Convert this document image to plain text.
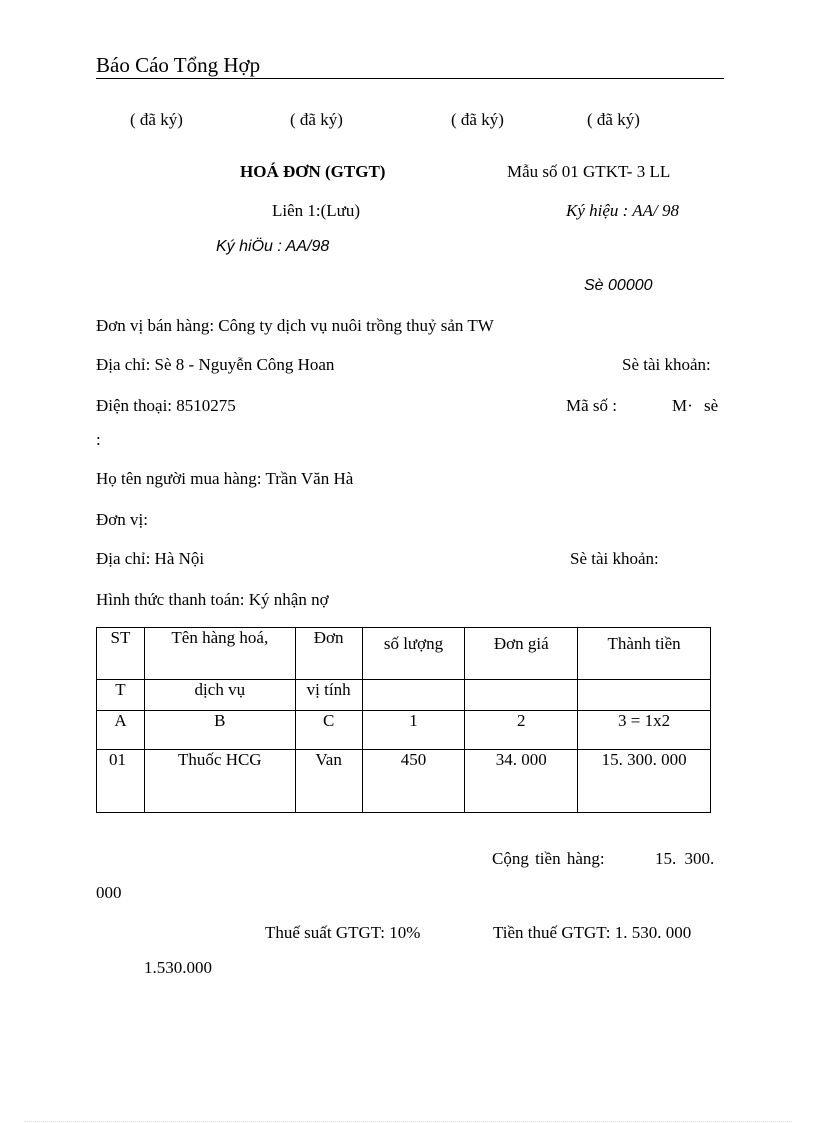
Báo Cáo Tổng Hợp
( đã ký)	( đã ký)	( đã ký)	( đã ký)
HOÁ ĐƠN (GTGT)	Mẫu số 01 GTKT- 3 LL
Liên 1:(Lưu)	Ký hiệu : AA/ 98
Ký hiÖu : AA/98
Sè 00000
Đơn vị bán hàng: Công ty dịch vụ nuôi trồng thuỷ sản TW
Địa chỉ: Sè 8 - Nguyễn Công Hoan	Sè tài khoản:
Điện thoại: 8510275	Mã số :	M· sè
:
Họ tên người mua hàng: Trần Văn Hà
Đơn vị:
Địa chỉ: Hà Nội	Sè tài khoản:
Hình thức thanh toán: Ký nhận nợ
ST	Tên hàng hoá,	Đơn	số lượng	Đơn giá	Thành tiền
T	dịch vụ	vị tính			
A	B	C	1	2	3 = 1x2
01	Thuốc HCG	Van	450	34. 000	15. 300. 000
Cộng tiền hàng:	15. 300.
000
Thuế suất GTGT: 10%	Tiền thuế GTGT: 1. 530. 000
1.530.000
